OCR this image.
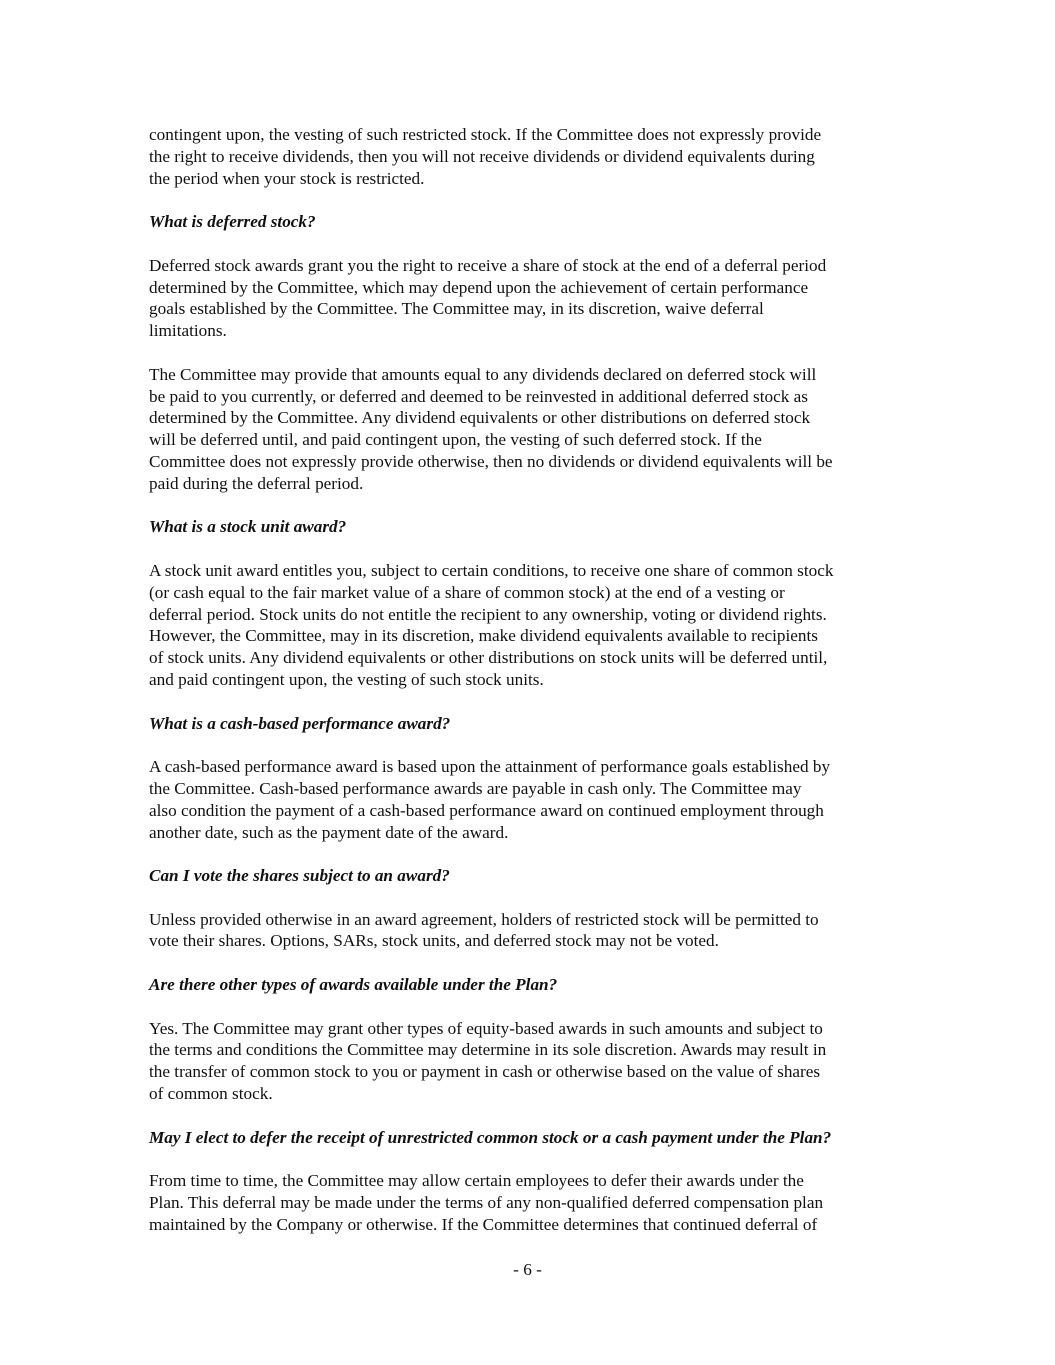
contingent upon, the vesting of such restricted stock. If the Committee does not expressly provide
the right to receive dividends, then you will not receive dividends or dividend equivalents during
the period when your stock is restricted.

What is deferred stock?

Deferred stock awards grant you the right to receive a share of stock at the end of a deferral period
determined by the Committee, which may depend upon the achievement of certain performance
goals established by the Committee. The Committee may, in its discretion, waive deferral
limitations.

The Committee may provide that amounts equal to any dividends declared on deferred stock will
be paid to you currently, or deferred and deemed to be reinvested in additional deferred stock as
determined by the Committee. Any dividend equivalents or other distributions on deferred stock
will be deferred until, and paid contingent upon, the vesting of such deferred stock. If the
Committee does not expressly provide otherwise, then no dividends or dividend equivalents will be
paid during the deferral period.

What is a stock unit award?

A stock unit award entitles you, subject to certain conditions, to receive one share of common stock
(or cash equal to the fair market value of a share of common stock) at the end of a vesting or
deferral period. Stock units do not entitle the recipient to any ownership, voting or dividend rights.
However, the Committee, may in its discretion, make dividend equivalents available to recipients
of stock units. Any dividend equivalents or other distributions on stock units will be deferred until,
and paid contingent upon, the vesting of such stock units.

What is a cash-based performance award?

A cash-based performance award is based upon the attainment of performance goals established by
the Committee. Cash-based performance awards are payable in cash only. The Committee may
also condition the payment of a cash-based performance award on continued employment through
another date, such as the payment date of the award.

Can I vote the shares subject to an award?

Unless provided otherwise in an award agreement, holders of restricted stock will be permitted to
vote their shares. Options, SARs, stock units, and deferred stock may not be voted.

Are there other types of awards available under the Plan?

Yes. The Committee may grant other types of equity-based awards in such amounts and subject to
the terms and conditions the Committee may determine in its sole discretion. Awards may result in
the transfer of common stock to you or payment in cash or otherwise based on the value of shares
of common stock.

May I elect to defer the receipt of unrestricted common stock or a cash payment under the Plan?

From time to time, the Committee may allow certain employees to defer their awards under the
Plan. This deferral may be made under the terms of any non-qualified deferred compensation plan
maintained by the Company or otherwise. If the Committee determines that continued deferral of

- 6 -
